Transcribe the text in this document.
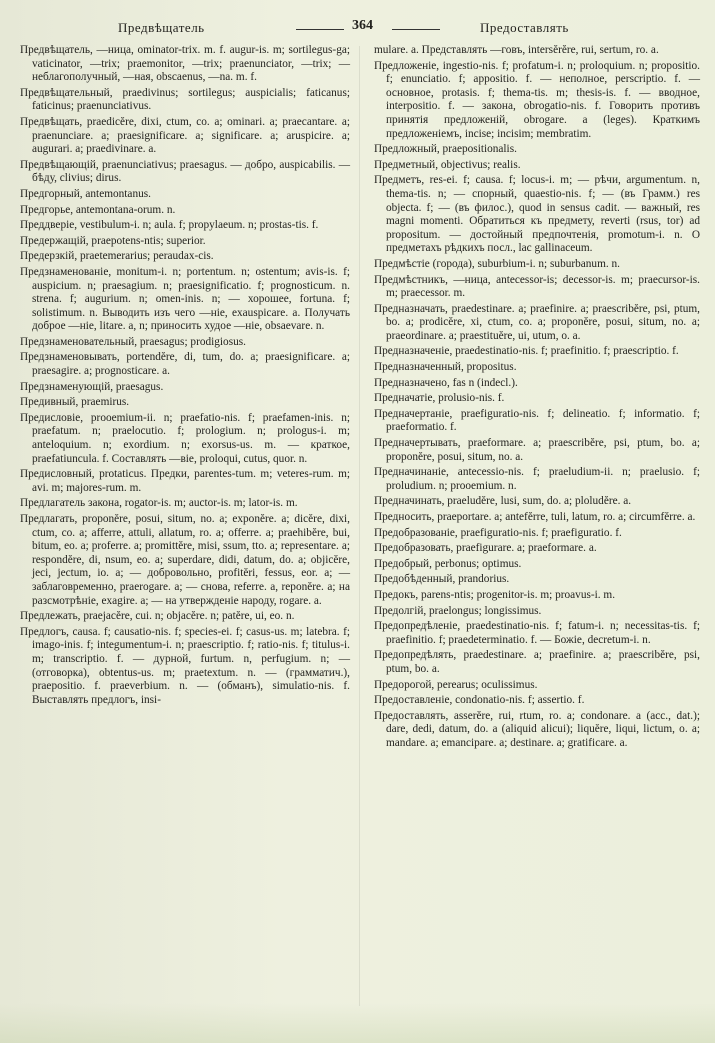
Предвѣщатель	364	Предоставлять
Предвѣщатель, —ница, ominator-trix. m. f. augur-is. m; sortilegus-ga; vaticinator, —trix; praemonitor, —trix; praenunciator, —trix; — неблагополучный, —ная, obscaenus, —na. m. f.
Предвѣщательный, praedivinus; sortilegus; auspicialis; faticanus; faticinus; praenunciativus.
Предвѣщать, praedicĕre, dixi, ctum, co. a; ominari. a; praecantare. a; praenunciare. a; praesignificare. a; significare. a; aruspicire. a; augurari. a; praedivinare. a.
Предвѣщающій, praenunciativus; praesagus. — добро, auspicabilis. — бѣду, clivius; dirus.
Предгорный, antemontanus.
Предгорье, antemontana-orum. n.
Преддверіе, vestibulum-i. n; aula. f; propylaeum. n; prostas-tis. f.
Предержащій, praepotens-ntis; superior.
Предерзкій, praetemerarius; peraudax-cis.
Предзнаменованіе, monitum-i. n; portentum. n; ostentum; avis-is. f; auspicium. n; praesagium. n; praesignificatio. f; prognosticum. n. strena. f; augurium. n; omen-inis. n; — хорошее, fortuna. f; solistimum. n. Выводить изъ чего —ніе, exauspicare. a. Получать доброе —ніе, litare. a, n; приносить худое —ніе, obsaevare. n.
Предзнаменовательный, praesagus; prodigiosus.
Предзнаменовывать, portendĕre, di, tum, do. a; praesignificare. a; praesagire. a; prognosticare. a.
Предзнаменующій, praesagus.
Предивный, praemirus.
Предисловіе, prooemium-ii. n; praefatio-nis. f; praefamen-inis. n; praefatum. n; praelocutio. f; prologium. n; prologus-i. m; anteloquium. n; exordium. n; exorsus-us. m. — краткое, praefatiuncula. f. Составлять —віе, proloqui, cutus, quor. n.
Предисловный, protaticus. Предки, parentes-tum. m; veteres-rum. m; avi. m; majores-rum. m.
Предлагатель закона, rogator-is. m; auctor-is. m; lator-is. m.
Предлагать, proponĕre, posui, situm, no. a; exponĕre. a; dicĕre, dixi, ctum, co. a; afferre, attuli, allatum, ro. a; offerre. a; praehibĕre, bui, bitum, eo. a; proferre. a; promittĕre, misi, ssum, tto. a; representare. a; respondĕre, di, nsum, eo. a; superdare, didi, datum, do. a; objicĕre, jeci, jectum, io. a; — добровольно, profitĕri, fessus, eor. a; — заблаговременно, praerogare. a; — снова, referre. a, reponĕre. a; на разсмотрѣніе, exagire. a; — на утвержденіе народу, rogare. a.
Предлежать, praejacĕre, cui. n; objacĕre. n; patĕre, ui, eo. n.
Предлогъ, causa. f; causatio-nis. f; species-ei. f; casus-us. m; latebra. f; imago-inis. f; integumentum-i. n; praescriptio. f; ratio-nis. f; titulus-i. m; transcriptio. f. — дурной, furtum. n, perfugium. n; — (отговорка), obtentus-us. m; praetextum. n. — (грамматич.), praepositio. f. praeverbium. n. — (обманъ), simulatio-nis. f. Выставлять предлогъ, insi-
mulare. a. Представлять —говъ, intersĕrĕre, rui, sertum, ro. a.
Предложеніе, ingestio-nis. f; profatum-i. n; proloquium. n; propositio. f; enunciatio. f; appositio. f. — неполное, perscriptio. f. — основное, protasis. f; thema-tis. m; thesis-is. f. — вводное, interpositio. f. — закона, obrogatio-nis. f. Говорить противъ принятія предложеній, obrogare. a (leges). Краткимъ предложеніемъ, incise; incisim; membratim.
Предложный, praepositionalis.
Предметный, objectivus; realis.
Предметъ, res-ei. f; causa. f; locus-i. m; — рѣчи, argumentum. n, thema-tis. n; — спорный, quaestio-nis. f; — (въ Грамм.) res objecta. f; — (въ филос.), quod in sensus cadit. — важный, res magni momenti. Обратиться къ предмету, reverti (rsus, tor) ad propositum. — достойный предпочтенія, promotum-i. n. О предметахъ рѣдкихъ посл., lac gallinaceum.
Предмѣстіе (города), suburbium-i. n; suburbanum. n.
Предмѣстникъ, —ница, antecessor-is; decessor-is. m; praecursor-is. m; praecessor. m.
Предназначать, praedestinare. a; praefinire. a; praescribĕre, psi, ptum, bo. a; prodicĕre, xi, ctum, co. a; proponĕre, posui, situm, no. a; praeordinare. a; praestituĕre, ui, utum, o. a.
Предназначеніе, praedestinatio-nis. f; praefinitio. f; praescriptio. f.
Предназначенный, propositus.
Предназначено, fas n (indecl.).
Предначатіе, prolusio-nis. f.
Предначертаніе, praefiguratio-nis. f; delineatio. f; informatio. f; praeformatio. f.
Предначертывать, praeformare. a; praescribĕre, psi, ptum, bo. a; proponĕre, posui, situm, no. a.
Предначинаніе, antecessio-nis. f; praeludium-ii. n; praelusio. f; proludium. n; prooemium. n.
Предначинать, praeludĕre, lusi, sum, do. a; ploludĕre. a.
Предносить, praeportare. a; antefĕrre, tuli, latum, ro. a; circumfĕrre. a.
Предобразованіе, praefiguratio-nis. f; praefiguratio. f.
Предобразовать, praefigurare. a; praeformare. a.
Предобрый, perbonus; optimus.
Предобѣденный, prandorius.
Предокъ, parens-ntis; progenitor-is. m; proavus-i. m.
Предолгій, praelongus; longissimus.
Предопредѣленіе, praedestinatio-nis. f; fatum-i. n; necessitas-tis. f; praefinitio. f; praedeterminatio. f. — Божіе, decretum-i. n.
Предопредѣлять, praedestinare. a; praefinire. a; praescribĕre, psi, ptum, bo. a.
Предорогой, perearus; oculissimus.
Предоставленіе, condonatio-nis. f; assertio. f.
Предоставлять, asserĕre, rui, rtum, ro. a; condonare. a (acc., dat.); dare, dedi, datum, do. a (aliquid alicui); liquĕre, liqui, lictum, o. a; mandare. a; emancipare. a; destinare. a; gratificare. a.
